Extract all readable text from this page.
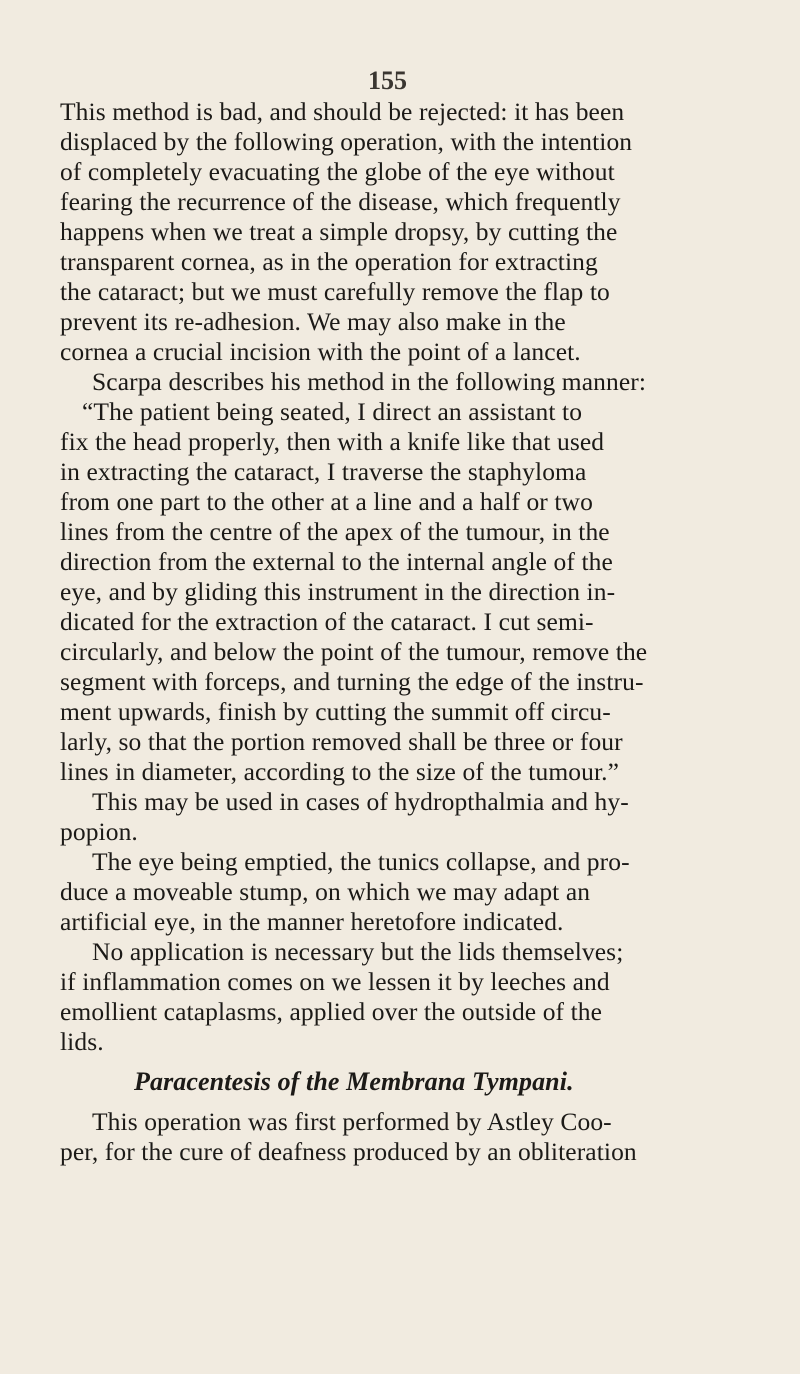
155
This method is bad, and should be rejected: it has been
displaced by the following operation, with the intention
of completely evacuating the globe of the eye without
fearing the recurrence of the disease, which frequently
happens when we treat a simple dropsy, by cutting the
transparent cornea, as in the operation for extracting
the cataract; but we must carefully remove the flap to
prevent its re-adhesion. We may also make in the
cornea a crucial incision with the point of a lancet.
Scarpa describes his method in the following manner:
“The patient being seated, I direct an assistant to
fix the head properly, then with a knife like that used
in extracting the cataract, I traverse the staphyloma
from one part to the other at a line and a half or two
lines from the centre of the apex of the tumour, in the
direction from the external to the internal angle of the
eye, and by gliding this instrument in the direction in-
dicated for the extraction of the cataract. I cut semi-
circularly, and below the point of the tumour, remove the
segment with forceps, and turning the edge of the instru-
ment upwards, finish by cutting the summit off circu-
larly, so that the portion removed shall be three or four
lines in diameter, according to the size of the tumour.”
This may be used in cases of hydropthalmia and hy-
popion.
The eye being emptied, the tunics collapse, and pro-
duce a moveable stump, on which we may adapt an
artificial eye, in the manner heretofore indicated.
No application is necessary but the lids themselves;
if inflammation comes on we lessen it by leeches and
emollient cataplasms, applied over the outside of the
lids.
Paracentesis of the Membrana Tympani.
This operation was first performed by Astley Coo-
per, for the cure of deafness produced by an obliteration
